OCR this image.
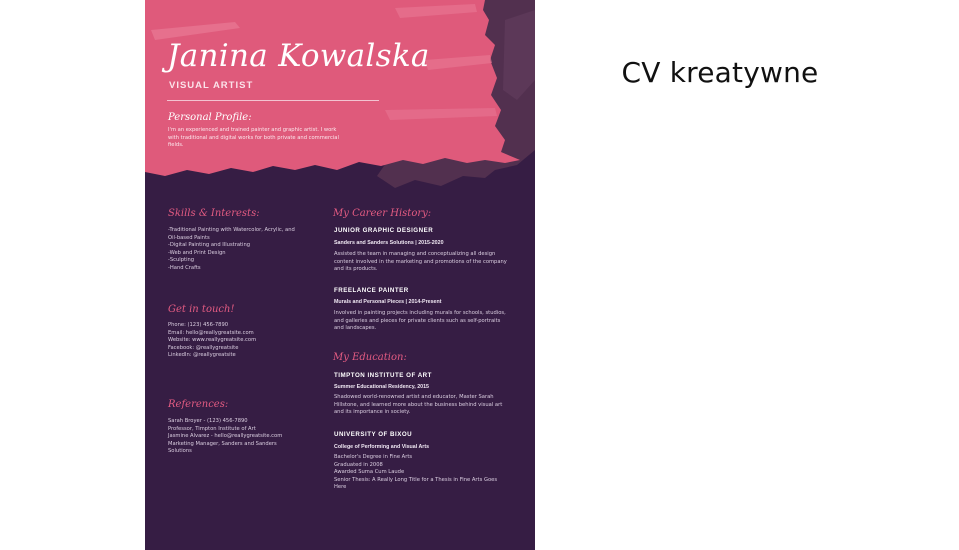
CV kreatywne
Janina Kowalska
VISUAL ARTIST
Personal Profile:
I'm an experienced and trained painter and graphic artist. I work
with traditional and digital works for both private and commercial
fields.
Skills & Interests:
-Traditional Painting with Watercolor, Acrylic, and
Oil-based Paints
-Digital Painting and Illustrating
-Web and Print Design
-Sculpting
-Hand Crafts
Get in touch!
Phone: (123) 456-7890
Email: hello@reallygreatsite.com
Website: www.reallygreatsite.com
Facebook: @reallygreatsite
LinkedIn: @reallygreatsite
References:
Sarah Broyer - (123) 456-7890
Professor, Timpton Institute of Art
Jasmine Alvarez - hello@reallygreatsite.com
Marketing Manager, Sanders and Sanders
Solutions
My Career History:
JUNIOR GRAPHIC DESIGNER
Sanders and Sanders Solutions | 2015-2020
Assisted the team in managing and conceptualizing all design
content involved in the marketing and promotions of the company
and its products.
FREELANCE PAINTER
Murals and Personal Pieces | 2014-Present
Involved in painting projects including murals for schools, studios,
and galleries and pieces for private clients such as self-portraits
and landscapes.
My Education:
TIMPTON INSTITUTE OF ART
Summer Educational Residency, 2015
Shadowed world-renowned artist and educator, Master Sarah
Hillstone, and learned more about the business behind visual art
and its importance in society.
UNIVERSITY OF BIXOU
College of Performing and Visual Arts
Bachelor's Degree in Fine Arts
Graduated in 2008
Awarded Suma Cum Laude
Senior Thesis: A Really Long Title for a Thesis in Fine Arts Goes
Here
